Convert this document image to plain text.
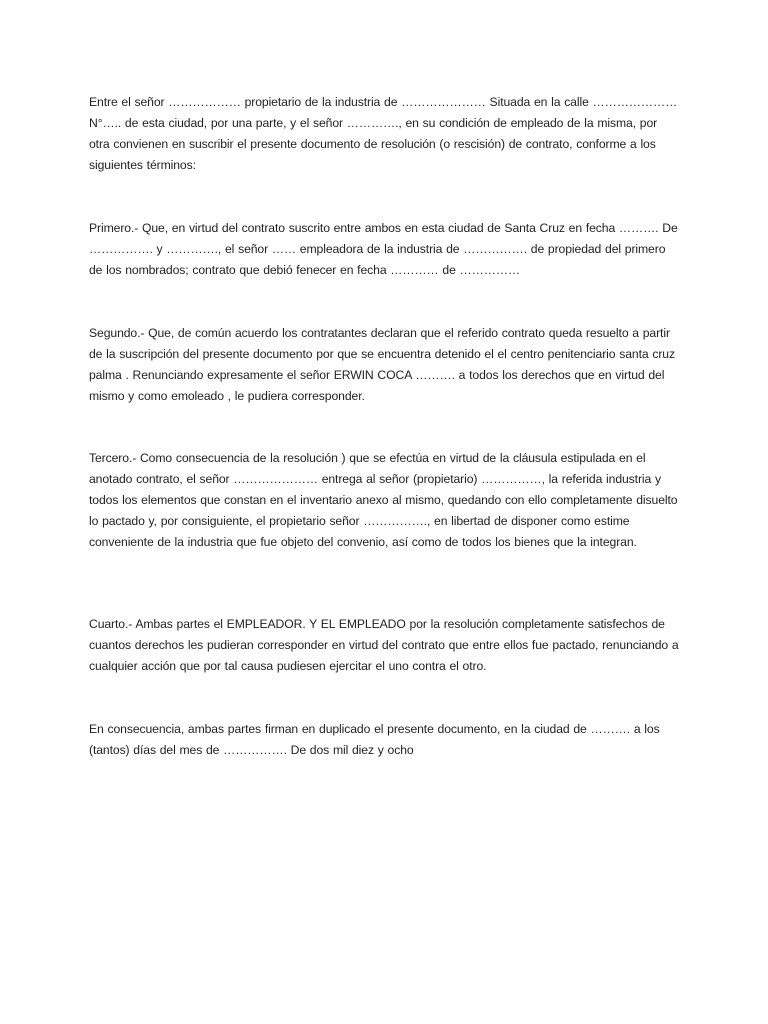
Entre el señor ……………… propietario de la industria de ………………… Situada en la calle ………………… N°….. de esta ciudad, por una parte, y el señor …………., en su condición de empleado de la misma, por otra convienen en suscribir el presente documento de resolución (o rescisión) de contrato, conforme a los siguientes términos:

Primero.- Que, en virtud del contrato suscrito entre ambos en esta ciudad de Santa Cruz en fecha ………. De ……………. y …………., el señor …… empleadora de la industria de ……………. de propiedad del primero de los nombrados; contrato que debió fenecer en fecha ………… de ……………

Segundo.- Que, de común acuerdo los contratantes declaran que el referido contrato queda resuelto a partir de la suscripción del presente documento por que se encuentra detenido el el centro penitenciario santa cruz palma . Renunciando expresamente el señor ERWIN COCA ………. a todos los derechos que en virtud del mismo y como emoleado , le pudiera corresponder.

Tercero.- Como consecuencia de la resolución ) que se efectúa en virtud de la cláusula estipulada en el anotado contrato, el señor ………………… entrega al señor (propietario) ……………, la referida industria y todos los elementos que constan en el inventario anexo al mismo, quedando con ello completamente disuelto lo pactado y, por consiguiente, el propietario señor ……………., en libertad de disponer como estime conveniente de la industria que fue objeto del convenio, así como de todos los bienes que la integran.

Cuarto.- Ambas partes el EMPLEADOR. Y EL EMPLEADO por la resolución completamente satisfechos de cuantos derechos les pudieran corresponder en virtud del contrato que entre ellos fue pactado, renunciando a cualquier acción que por tal causa pudiesen ejercitar el uno contra el otro.

En consecuencia, ambas partes firman en duplicado el presente documento, en la ciudad de ………. a los (tantos) días del mes de ……………. De dos mil diez y ocho
